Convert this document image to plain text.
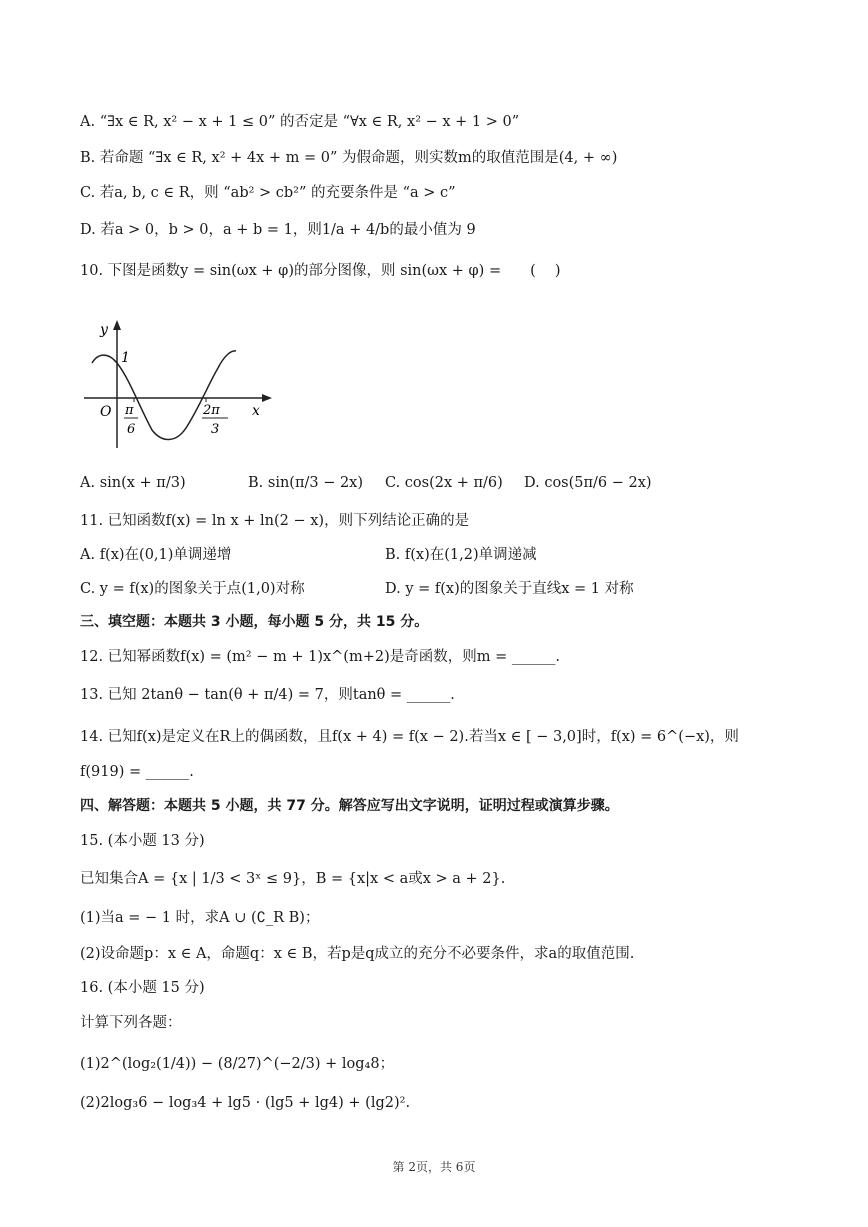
A. “∃x ∈ R, x² − x + 1 ≤ 0” 的否定是 “∀x ∈ R, x² − x + 1 > 0”
B. 若命题 “∃x ∈ R, x² + 4x + m = 0” 为假命题，则实数m的取值范围是(4, + ∞)
C. 若a, b, c ∈ R，则 “ab² > cb²” 的充要条件是 “a > c”
D. 若a > 0，b > 0，a + b = 1，则1/a + 4/b的最小值为 9
10. 下图是函数y = sin(ωx + φ)的部分图像，则 sin(ωx + φ) =　　(　 )
y
x
O
1
π
6
2π
3
A. sin(x + π/3)	B. sin(π/3 − 2x) C. cos(2x + π/6) D. cos(5π/6 − 2x)
11. 已知函数f(x) = ln x + ln(2 − x)，则下列结论正确的是
A. f(x)在(0,1)单调递增	B. f(x)在(1,2)单调递减
C. y = f(x)的图象关于点(1,0)对称	D. y = f(x)的图象关于直线x = 1 对称
三、填空题：本题共 3 小题，每小题 5 分，共 15 分。
12. 已知幂函数f(x) = (m² − m + 1)x^(m+2)是奇函数，则m = ______.
13. 已知 2tanθ − tan(θ + π/4) = 7，则tanθ = ______.
14. 已知f(x)是定义在R上的偶函数，且f(x + 4) = f(x − 2).若当x ∈ [ − 3,0]时，f(x) = 6^(−x)，则
f(919) = ______.
四、解答题：本题共 5 小题，共 77 分。解答应写出文字说明，证明过程或演算步骤。
15. (本小题 13 分)
已知集合A = {x | 1/3 < 3ˣ ≤ 9}，B = {x|x < a或x > a + 2}.
(1)当a = − 1 时，求A ∪ (∁_R B)；
(2)设命题p：x ∈ A，命题q：x ∈ B，若p是q成立的充分不必要条件，求a的取值范围.
16. (本小题 15 分)
计算下列各题：
(1)2^(log₂(1/4)) − (8/27)^(−2/3) + log₄8；
(2)2log₃6 − log₃4 + lg5 · (lg5 + lg4) + (lg2)².
第 2页，共 6页
